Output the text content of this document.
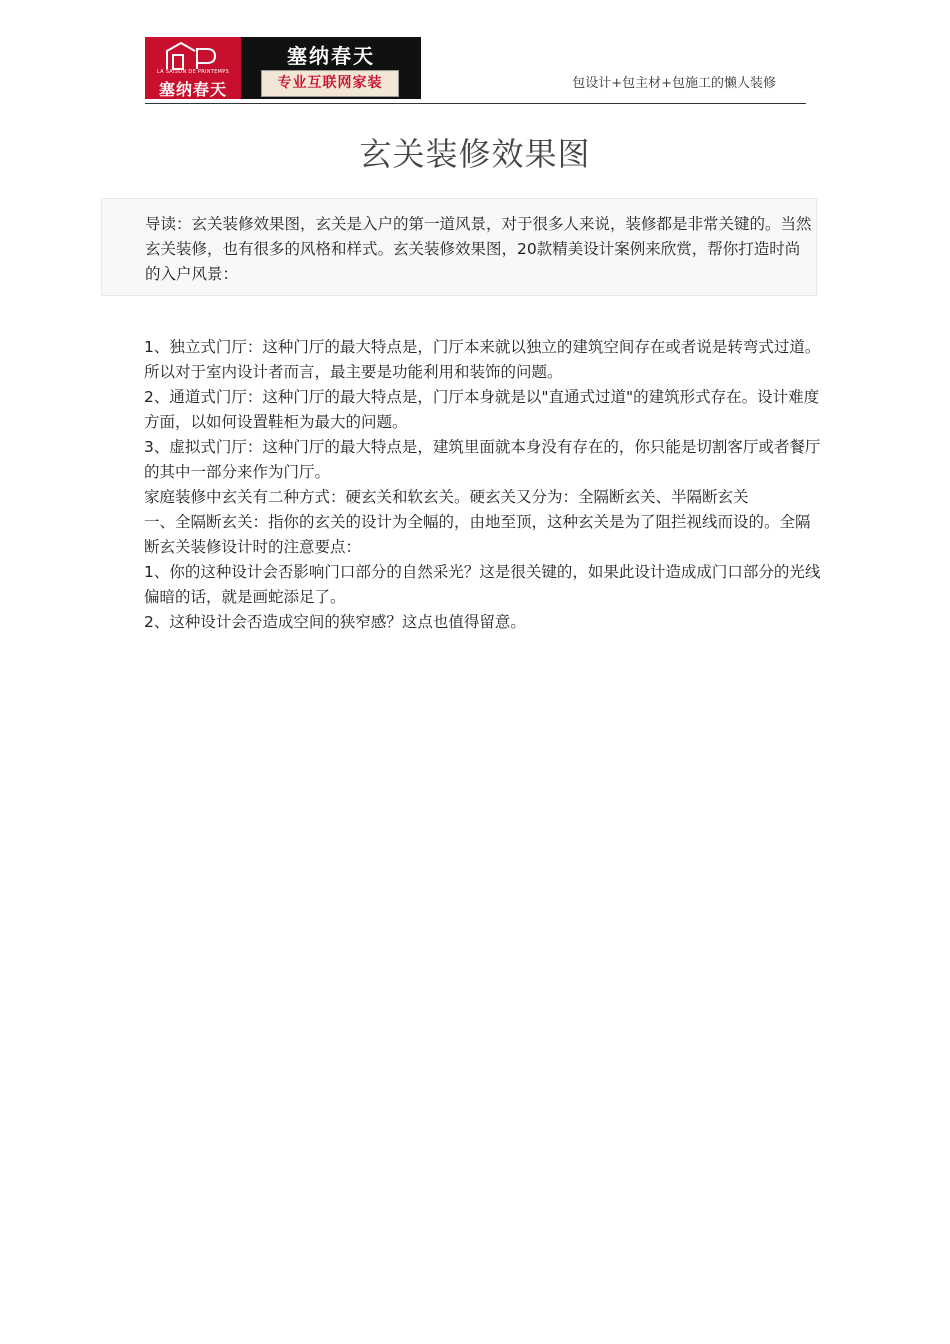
LA SAISON DE PRINTEMPS
塞纳春天
塞纳春天
专业互联网家装	包设计+包主材+包施工的懒人装修
玄关装修效果图

导读：玄关装修效果图，玄关是入户的第一道风景，对于很多人来说，装修都是非常关键的。当然玄关装修，也有很多的风格和样式。玄关装修效果图，20款精美设计案例来欣赏，帮你打造时尚的入户风景：

1、独立式门厅：这种门厅的最大特点是，门厅本来就以独立的建筑空间存在或者说是转弯式过道。所以对于室内设计者而言，最主要是功能利用和装饰的问题。

2、通道式门厅：这种门厅的最大特点是，门厅本身就是以"直通式过道"的建筑形式存在。设计难度方面，以如何设置鞋柜为最大的问题。

3、虚拟式门厅：这种门厅的最大特点是，建筑里面就本身没有存在的，你只能是切割客厅或者餐厅的其中一部分来作为门厅。

家庭装修中玄关有二种方式：硬玄关和软玄关。硬玄关又分为：全隔断玄关、半隔断玄关

一、全隔断玄关：指你的玄关的设计为全幅的，由地至顶，这种玄关是为了阻拦视线而设的。全隔断玄关装修设计时的注意要点：

1、你的这种设计会否影响门口部分的自然采光？这是很关键的，如果此设计造成成门口部分的光线偏暗的话，就是画蛇添足了。

2、这种设计会否造成空间的狭窄感？这点也值得留意。
